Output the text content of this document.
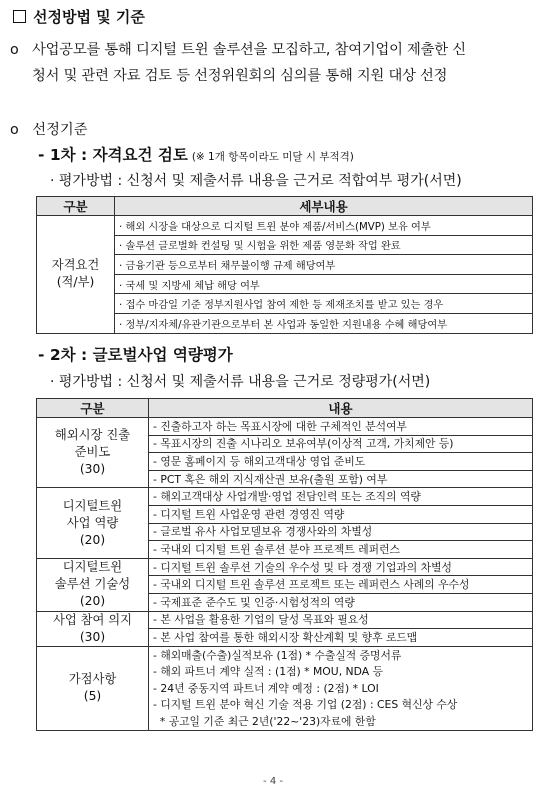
선정방법 및 기준
o 사업공모를 통해 디지털 트윈 솔루션을 모집하고, 참여기업이 제출한 신
청서 및 관련 자료 검토 등 선정위원회의 심의를 통해 지원 대상 선정
o 선정기준
- 1차 : 자격요건 검토 (※ 1개 항목이라도 미달 시 부적격)
· 평가방법 : 신청서 및 제출서류 내용을 근거로 적합여부 평가(서면)
구분	세부내용

자격요건
(적/부)	· 해외 시장을 대상으로 디지털 트윈 분야 제품/서비스(MVP) 보유 여부
	· 솔루션 글로벌화 컨설팅 및 시험을 위한 제품 영문화 작업 완료
	· 금융기관 등으로부터 채무불이행 규제 해당여부
	· 국세 및 지방세 체납 해당 여부
	· 접수 마감일 기준 정부지원사업 참여 제한 등 제재조치를 받고 있는 경우
	· 정부/지자체/유관기관으로부터 본 사업과 동일한 지원내용 수혜 해당여부
- 2차 : 글로벌사업 역량평가
· 평가방법 : 신청서 및 제출서류 내용을 근거로 정량평가(서면)
구분	내용

해외시장 진출
준비도
(30)	- 진출하고자 하는 목표시장에 대한 구체적인 분석여부
	- 목표시장의 진출 시나리오 보유여부(이상적 고객, 가치제안 등)
	- 영문 홈페이지 등 해외고객대상 영업 준비도
	- PCT 혹은 해외 지식재산권 보유(출원 포함) 여부

디지털트윈
사업 역량
(20)	- 해외고객대상 사업개발·영업 전담인력 또는 조직의 역량
	- 디지털 트윈 사업운영 관련 경영진 역량
	- 글로벌 유사 사업모델보유 경쟁사와의 차별성
	- 국내외 디지털 트윈 솔루션 분야 프로젝트 레퍼런스

디지털트윈
솔루션 기술성
(20)	- 디지털 트윈 솔루션 기술의 우수성 및 타 경쟁 기업과의 차별성
	- 국내외 디지털 트윈 솔루션 프로젝트 또는 레퍼런스 사례의 우수성
	- 국제표준 준수도 및 인증·시험성적의 역량

사업 참여 의지
(30)	- 본 사업을 활용한 기업의 달성 목표와 필요성
	- 본 사업 참여를 통한 해외시장 확산계획 및 향후 로드맵

가점사항
(5)	- 해외매출(수출)실적보유 (1점) * 수출실적 증명서류
	- 해외 파트너 계약 실적 : (1점) * MOU, NDA 등
	- 24년 중동지역 파트너 계약 예정 : (2점) * LOI
	- 디지털 트윈 분야 혁신 기술 적용 기업 (2점) : CES 혁신상 수상
	* 공고일 기준 최근 2년('22~'23)자료에 한함
- 4 -
